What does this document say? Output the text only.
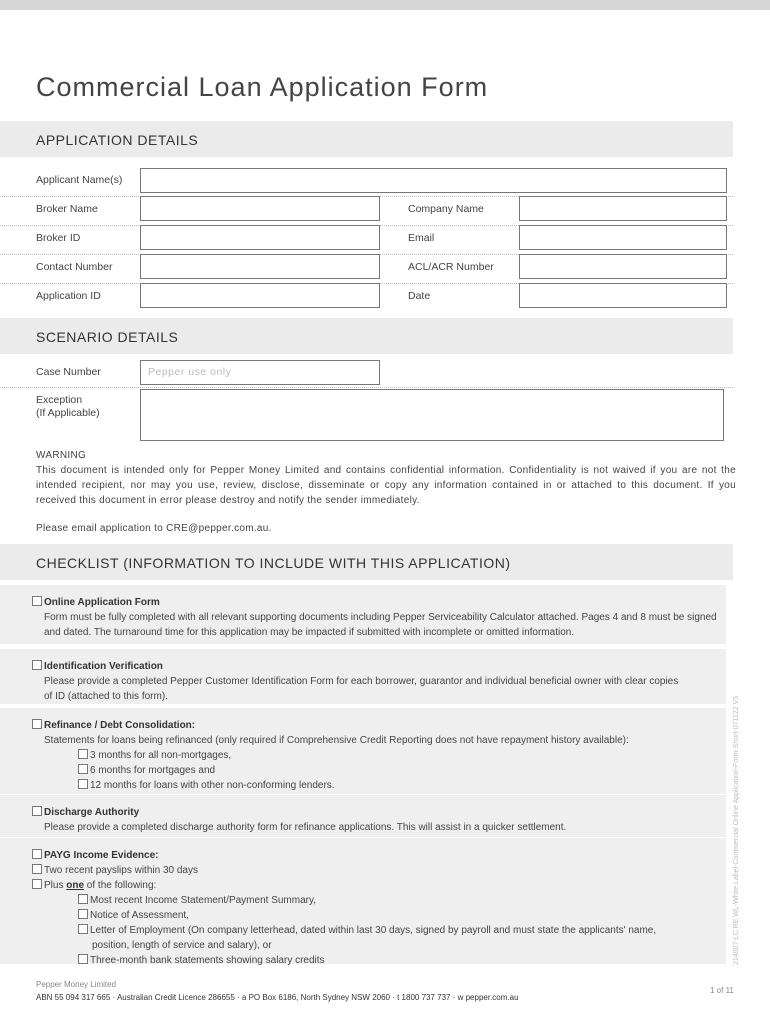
Commercial Loan Application Form
APPLICATION DETAILS
Applicant Name(s)
Broker Name	Company Name
Broker ID	Email
Contact Number	ACL/ACR Number
Application ID	Date
SCENARIO DETAILS
Case Number	Pepper use only
Exception
(If Applicable)
WARNING
This document is intended only for Pepper Money Limited and contains confidential information. Confidentiality is not waived if you are not the intended recipient, nor may you use, review, disclose, disseminate or copy any information contained in or attached to this document. If you received this document in error please destroy and notify the sender immediately.
Please email application to CRE@pepper.com.au.
CHECKLIST (INFORMATION TO INCLUDE WITH THIS APPLICATION)
Online Application Form
Form must be fully completed with all relevant supporting documents including Pepper Serviceability Calculator attached. Pages 4 and 8 must be signed and dated. The turnaround time for this application may be impacted if submitted with incomplete or omitted information.
Identification Verification
Please provide a completed Pepper Customer Identification Form for each borrower, guarantor and individual beneficial owner with clear copies of ID (attached to this form).
Refinance / Debt Consolidation:
Statements for loans being refinanced (only required if Comprehensive Credit Reporting does not have repayment history available):
3 months for all non-mortgages,
6 months for mortgages and
12 months for loans with other non-conforming lenders.
Discharge Authority
Please provide a completed discharge authority form for refinance applications. This will assist in a quicker settlement.
PAYG Income Evidence:
Two recent payslips within 30 days
Plus one of the following:
Most recent Income Statement/Payment Summary,
Notice of Assessment,
Letter of Employment (On company letterhead, dated within last 30 days, signed by payroll and must state the applicants' name,
position, length of service and salary), or
Three-month bank statements showing salary credits	214007-LC.RE.WL-White Label-Commercial Online Application-Form-Short-071122 V5
Pepper Money Limited
ABN 55 094 317 665 · Australian Credit Licence 286655 · a PO Box 6186, North Sydney NSW 2060 · t 1800 737 737 · w pepper.com.au
1 of 11
